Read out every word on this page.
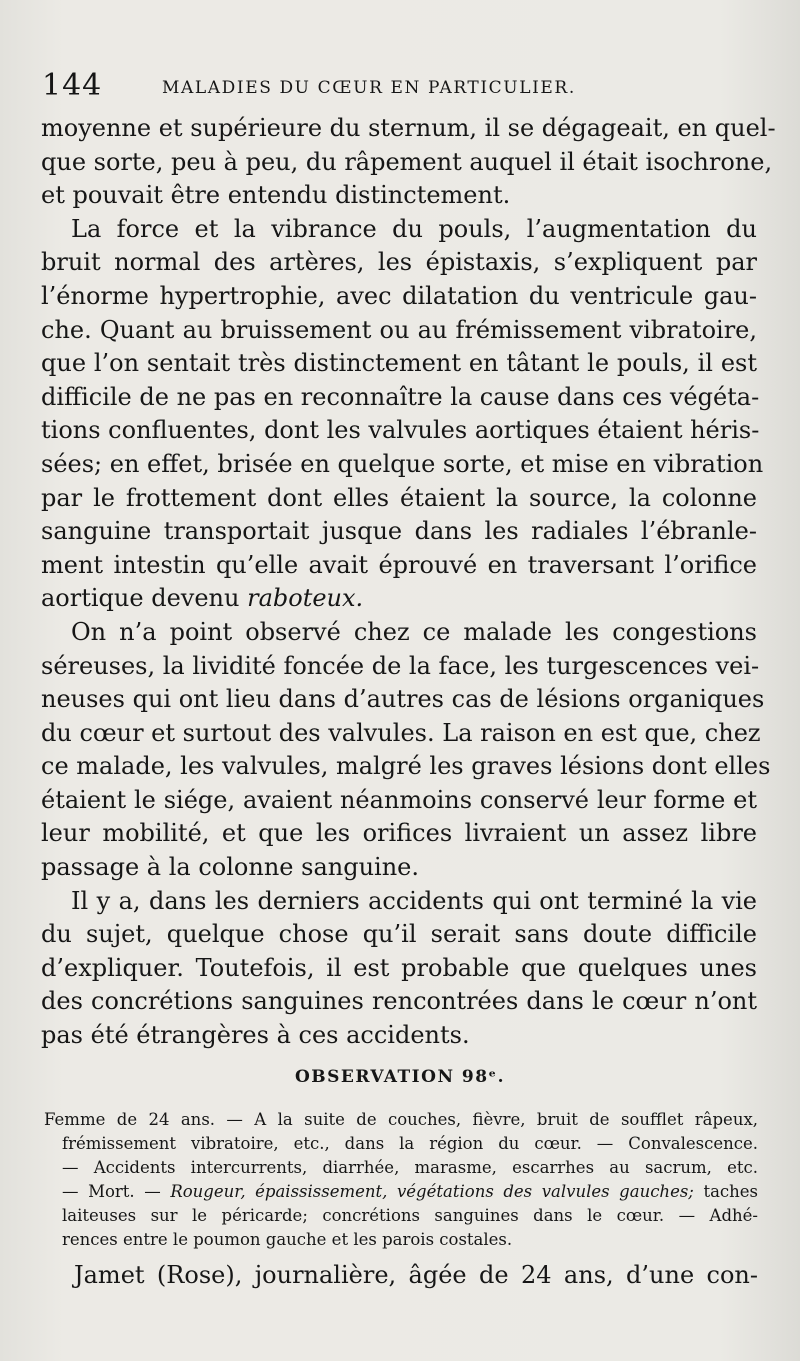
144	MALADIES DU CŒUR EN PARTICULIER.
moyenne et supérieure du sternum, il se dégageait, en quel-
que sorte, peu à peu, du râpement auquel il était isochrone,
et pouvait être entendu distinctement.
La force et la vibrance du pouls, l’augmentation du
bruit normal des artères, les épistaxis, s’expliquent par
l’énorme hypertrophie, avec dilatation du ventricule gau-
che. Quant au bruissement ou au frémissement vibratoire,
que l’on sentait très distinctement en tâtant le pouls, il est
difficile de ne pas en reconnaître la cause dans ces végéta-
tions confluentes, dont les valvules aortiques étaient héris-
sées; en effet, brisée en quelque sorte, et mise en vibration
par le frottement dont elles étaient la source, la colonne
sanguine transportait jusque dans les radiales l’ébranle-
ment intestin qu’elle avait éprouvé en traversant l’orifice
aortique devenu raboteux.
On n’a point observé chez ce malade les congestions
séreuses, la lividité foncée de la face, les turgescences vei-
neuses qui ont lieu dans d’autres cas de lésions organiques
du cœur et surtout des valvules. La raison en est que, chez
ce malade, les valvules, malgré les graves lésions dont elles
étaient le siége, avaient néanmoins conservé leur forme et
leur mobilité, et que les orifices livraient un assez libre
passage à la colonne sanguine.
Il y a, dans les derniers accidents qui ont terminé la vie
du sujet, quelque chose qu’il serait sans doute difficile
d’expliquer. Toutefois, il est probable que quelques unes
des concrétions sanguines rencontrées dans le cœur n’ont
pas été étrangères à ces accidents.
OBSERVATION 98ᵉ.
Femme de 24 ans. — A la suite de couches, fièvre, bruit de soufflet râpeux,
frémissement vibratoire, etc., dans la région du cœur. — Convalescence.
— Accidents intercurrents, diarrhée, marasme, escarrhes au sacrum, etc.
— Mort. — Rougeur, épaississement, végétations des valvules gauches; taches
laiteuses sur le péricarde; concrétions sanguines dans le cœur. — Adhé-
rences entre le poumon gauche et les parois costales.
Jamet (Rose), journalière, âgée de 24 ans, d’une con-
